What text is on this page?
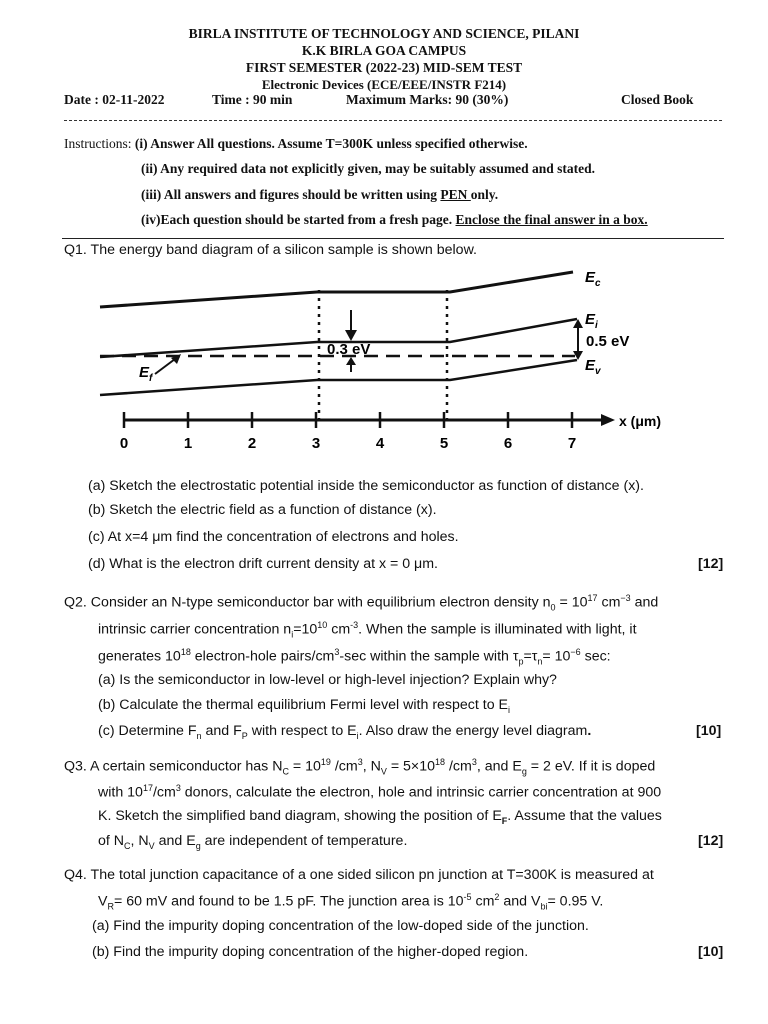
BIRLA INSTITUTE OF TECHNOLOGY AND SCIENCE, PILANI
K.K BIRLA GOA CAMPUS
FIRST SEMESTER (2022-23) MID-SEM TEST
Electronic Devices (ECE/EEE/INSTR F214)
Date : 02-11-2022	Time : 90 min	Maximum Marks: 90 (30%)	Closed Book
Instructions: (i) Answer All questions. Assume T=300K unless specified otherwise.
(ii) Any required data not explicitly given, may be suitably assumed and stated.
(iii) All answers and figures should be written using PEN only.
(iv)Each question should be started from a fresh page. Enclose the final answer in a box.
Q1. The energy band diagram of a silicon sample is shown below.
0.3 eV	0.5 eV
$E_c$
$E_i$
$E_v$
$E_f$
x (μm)
0	1	2	3	4	5	6	7
(a) Sketch the electrostatic potential inside the semiconductor as function of distance (x).
(b) Sketch the electric field as a function of distance (x).
(c) At x=4 μm find the concentration of electrons and holes.
(d) What is the electron drift current density at x = 0 μm.	[12]
Q2. Consider an N-type semiconductor bar with equilibrium electron density $n_0 = 10^{17}$ $cm^{-3}$ and
intrinsic carrier concentration $n_i=10^{10}$ $cm^{-3}$. When the sample is illuminated with light, it
generates $10^{18}$ electron-hole pairs/$cm^3-\sec$ within the sample with $\tau_p=\tau_n= 10^{-6}$ sec:
(a) Is the semiconductor in low-level or high-level injection? Explain why?
(b) Calculate the thermal equilibrium Fermi level with respect to $E_i$
(c) Determine $F_n$ and $F_P$ with respect to $E_i$. Also draw the energy level diagram.	[10]
Q3. A certain semiconductor has $N_C = 10^{19}$ $/cm^3$, $N_V = 5\times 10^{18}$ $/cm^3$, and $E_g = 2$ eV. If it is doped
with $10^{17}/cm^3$ donors, calculate the electron, hole and intrinsic carrier concentration at 900
K. Sketch the simplified band diagram, showing the position of $E_F$. Assume that the values
of $N_C$, $N_V$ and $E_g$ are independent of temperature.	[12]
Q4. The total junction capacitance of a one sided silicon pn junction at T=300K is measured at
$V_R= 60$ mV and found to be 1.5 pF. The junction area is $10^{-5}$ $cm^2$ and $V_{bi}= 0.95$ V.
(a) Find the impurity doping concentration of the low-doped side of the junction.
(b) Find the impurity doping concentration of the higher-doped region.	[10]
